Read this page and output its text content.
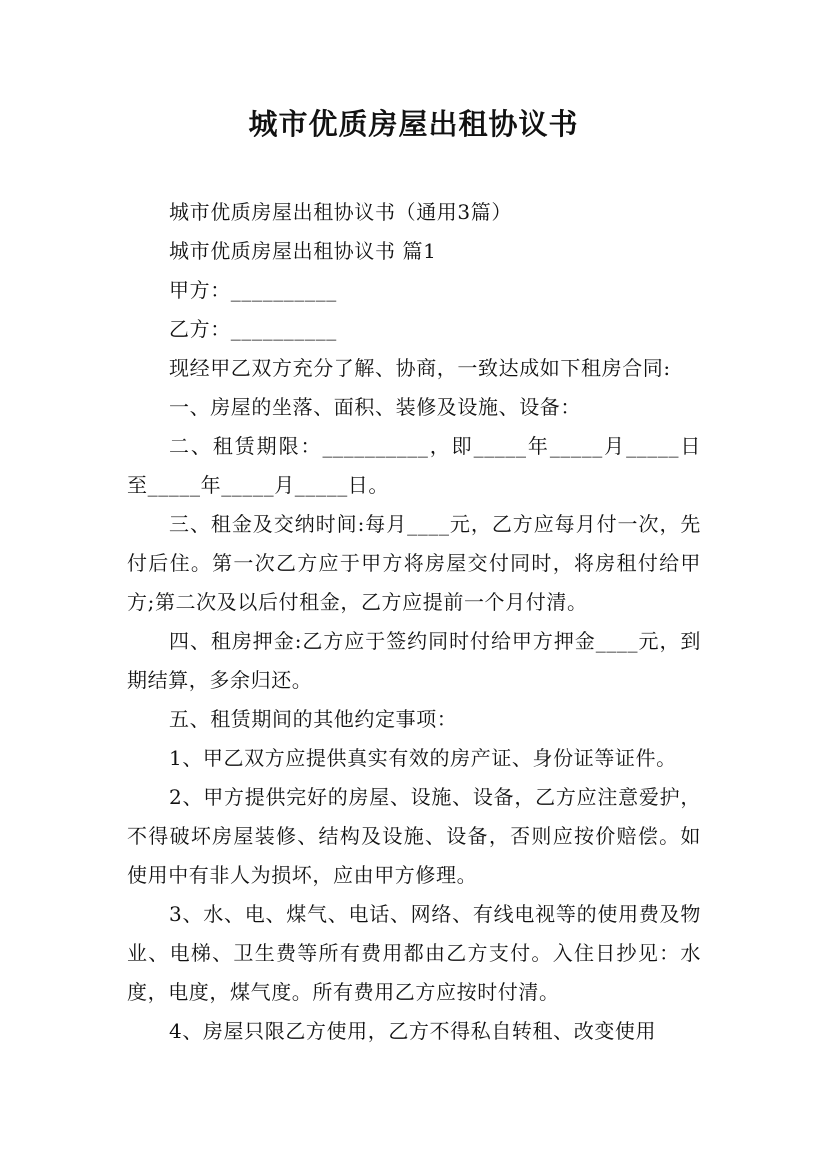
城市优质房屋出租协议书

城市优质房屋出租协议书（通用3篇）

城市优质房屋出租协议书 篇1

甲方：__________

乙方：__________

现经甲乙双方充分了解、协商，一致达成如下租房合同:

一、房屋的坐落、面积、装修及设施、设备：

二、租赁期限：__________，即_____年_____月_____日至_____年_____月_____日。

三、租金及交纳时间:每月____元，乙方应每月付一次，先付后住。第一次乙方应于甲方将房屋交付同时，将房租付给甲方;第二次及以后付租金，乙方应提前一个月付清。

四、租房押金:乙方应于签约同时付给甲方押金____元，到期结算，多余归还。

五、租赁期间的其他约定事项：

1、甲乙双方应提供真实有效的房产证、身份证等证件。

2、甲方提供完好的房屋、设施、设备，乙方应注意爱护，不得破坏房屋装修、结构及设施、设备，否则应按价赔偿。如使用中有非人为损坏，应由甲方修理。

3、水、电、煤气、电话、网络、有线电视等的使用费及物业、电梯、卫生费等所有费用都由乙方支付。入住日抄见：水度，电度，煤气度。所有费用乙方应按时付清。

4、房屋只限乙方使用，乙方不得私自转租、改变使用
